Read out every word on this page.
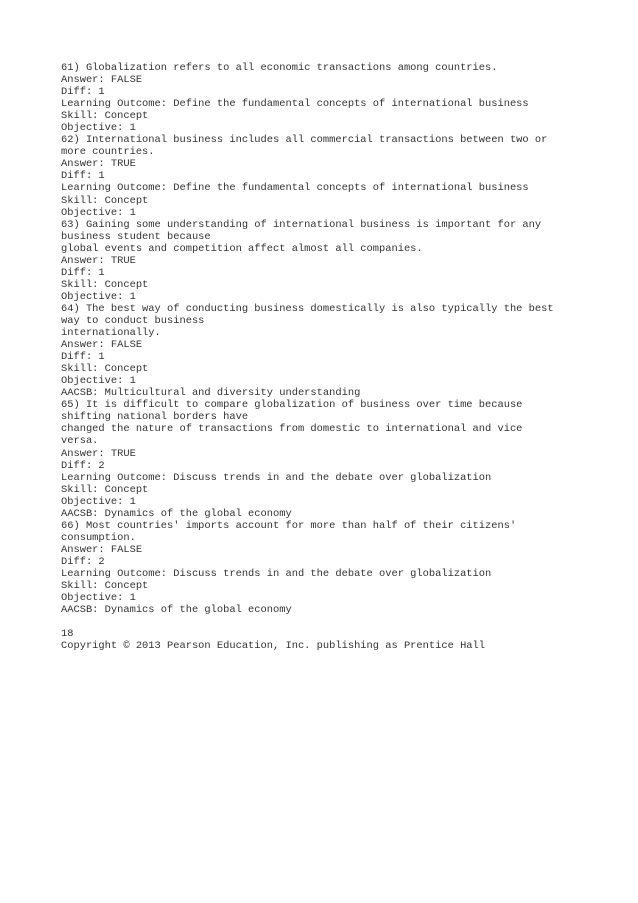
61) Globalization refers to all economic transactions among countries.
Answer: FALSE
Diff: 1
Learning Outcome: Define the fundamental concepts of international business
Skill: Concept
Objective: 1
62) International business includes all commercial transactions between two or
more countries.
Answer: TRUE
Diff: 1
Learning Outcome: Define the fundamental concepts of international business
Skill: Concept
Objective: 1
63) Gaining some understanding of international business is important for any
business student because
global events and competition affect almost all companies.
Answer: TRUE
Diff: 1
Skill: Concept
Objective: 1
64) The best way of conducting business domestically is also typically the best
way to conduct business
internationally.
Answer: FALSE
Diff: 1
Skill: Concept
Objective: 1
AACSB: Multicultural and diversity understanding
65) It is difficult to compare globalization of business over time because
shifting national borders have
changed the nature of transactions from domestic to international and vice
versa.
Answer: TRUE
Diff: 2
Learning Outcome: Discuss trends in and the debate over globalization
Skill: Concept
Objective: 1
AACSB: Dynamics of the global economy
66) Most countries' imports account for more than half of their citizens'
consumption.
Answer: FALSE
Diff: 2
Learning Outcome: Discuss trends in and the debate over globalization
Skill: Concept
Objective: 1
AACSB: Dynamics of the global economy
18
Copyright © 2013 Pearson Education, Inc. publishing as Prentice Hall
